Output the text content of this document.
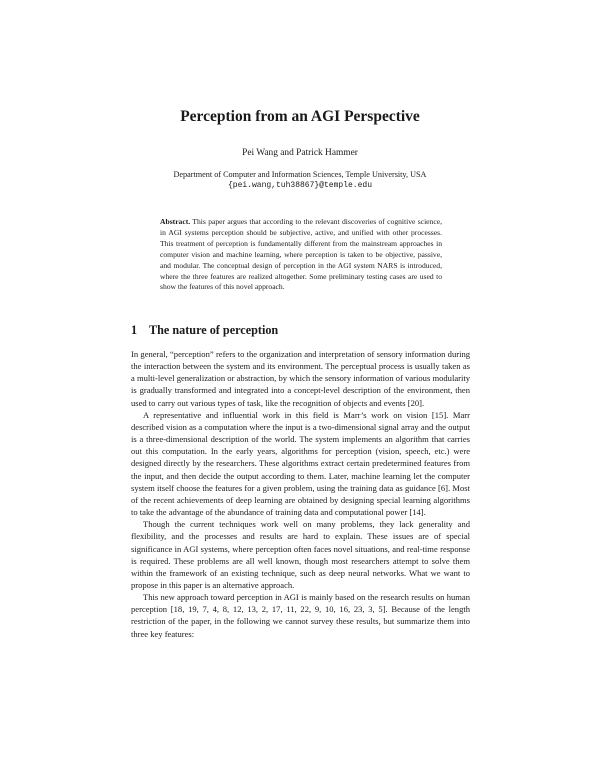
Perception from an AGI Perspective

Pei Wang and Patrick Hammer

Department of Computer and Information Sciences, Temple University, USA

{pei.wang,tuh38867}@temple.edu

Abstract. This paper argues that according to the relevant discoveries of cognitive science, in AGI systems perception should be subjective, active, and unified with other processes. This treatment of perception is fundamentally different from the mainstream approaches in computer vision and machine learning, where perception is taken to be objective, passive, and modular. The conceptual design of perception in the AGI system NARS is introduced, where the three features are realized altogether. Some preliminary testing cases are used to show the features of this novel approach.

1 The nature of perception

In general, “perception” refers to the organization and interpretation of sensory information during the interaction between the system and its environment. The perceptual process is usually taken as a multi-level generalization or abstraction, by which the sensory information of various modularity is gradually transformed and integrated into a concept-level description of the environment, then used to carry out various types of task, like the recognition of objects and events [20].

A representative and influential work in this field is Marr’s work on vision [15]. Marr described vision as a computation where the input is a two-dimensional signal array and the output is a three-dimensional description of the world. The system implements an algorithm that carries out this computation. In the early years, algorithms for perception (vision, speech, etc.) were designed directly by the researchers. These algorithms extract certain predetermined features from the input, and then decide the output according to them. Later, machine learning let the computer system itself choose the features for a given problem, using the training data as guidance [6]. Most of the recent achievements of deep learning are obtained by designing special learning algorithms to take the advantage of the abundance of training data and computational power [14].

Though the current techniques work well on many problems, they lack generality and flexibility, and the processes and results are hard to explain. These issues are of special significance in AGI systems, where perception often faces novel situations, and real-time response is required. These problems are all well known, though most researchers attempt to solve them within the framework of an existing technique, such as deep neural networks. What we want to propose in this paper is an alternative approach.

This new approach toward perception in AGI is mainly based on the research results on human perception [18, 19, 7, 4, 8, 12, 13, 2, 17, 11, 22, 9, 10, 16, 23, 3, 5]. Because of the length restriction of the paper, in the following we cannot survey these results, but summarize them into three key features:
